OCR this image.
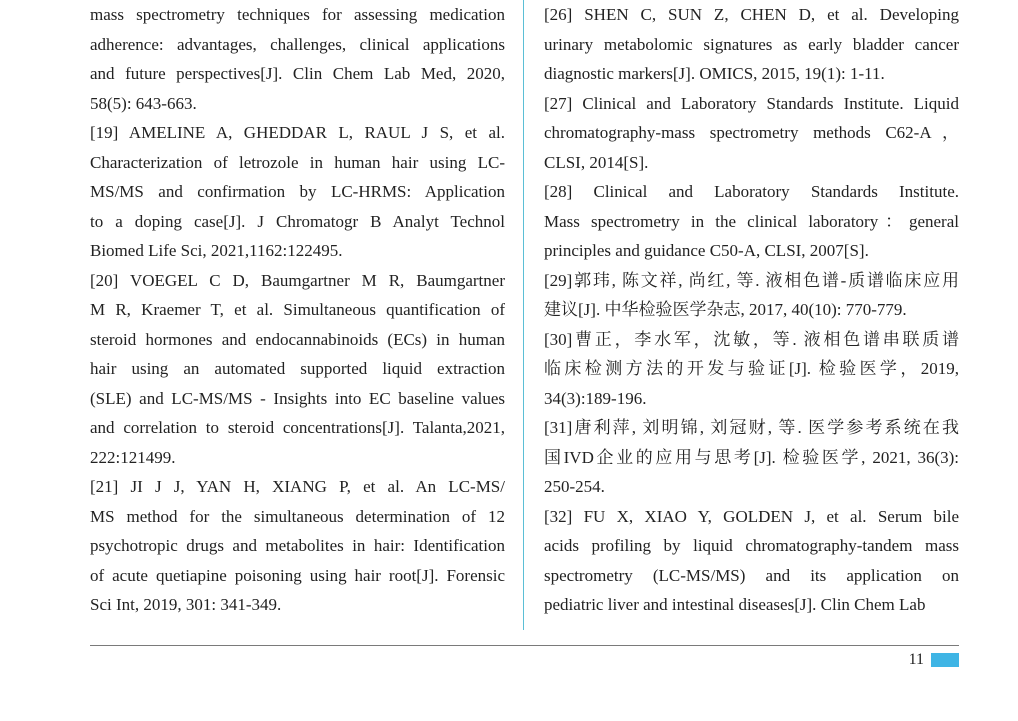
mass spectrometry techniques for assessing medication
adherence: advantages, challenges, clinical applications
and future perspectives[J]. Clin Chem Lab Med, 2020,
58(5): 643-663.
[19] AMELINE A, GHEDDAR L, RAUL J S, et al.
Characterization of letrozole in human hair using LC-
MS/MS and confirmation by LC-HRMS: Application
to a doping case[J]. J Chromatogr B Analyt Technol
Biomed Life Sci, 2021,1162:122495.
[20] VOEGEL C D, Baumgartner M R, Baumgartner
M R, Kraemer T, et al. Simultaneous quantification of
steroid hormones and endocannabinoids (ECs) in human
hair using an automated supported liquid extraction
(SLE) and LC-MS/MS - Insights into EC baseline values
and correlation to steroid concentrations[J]. Talanta,2021,
222:121499.
[21] JI J J, YAN H, XIANG P, et al. An LC-MS/
MS method for the simultaneous determination of 12
psychotropic drugs and metabolites in hair: Identification
of acute quetiapine poisoning using hair root[J]. Forensic
Sci Int, 2019, 301: 341-349.
[26] SHEN C, SUN Z, CHEN D, et al. Developing
urinary metabolomic signatures as early bladder cancer
diagnostic markers[J]. OMICS, 2015, 19(1): 1-11.
[27] Clinical and Laboratory Standards Institute. Liquid
chromatography-mass spectrometry methods C62-A，
CLSI, 2014[S].
[28] Clinical and Laboratory Standards Institute.
Mass spectrometry in the clinical laboratory：general
principles and guidance C50-A, CLSI, 2007[S].
[29]郭玮, 陈文祥, 尚红, 等. 液相色谱-质谱临床应用
建议[J]. 中华检验医学杂志, 2017, 40(10): 770-779.
[30]曹正，李水军，沈敏，等. 液相色谱串联质谱
临床检测方法的开发与验证[J]. 检验医学，2019,
34(3):189-196.
[31]唐利萍, 刘明锦, 刘冠财, 等. 医学参考系统在我
国IVD企业的应用与思考[J]. 检验医学, 2021, 36(3):
250-254.
[32] FU X, XIAO Y, GOLDEN J, et al. Serum bile
acids profiling by liquid chromatography-tandem mass
spectrometry (LC-MS/MS) and its application on
pediatric liver and intestinal diseases[J]. Clin Chem Lab
11
